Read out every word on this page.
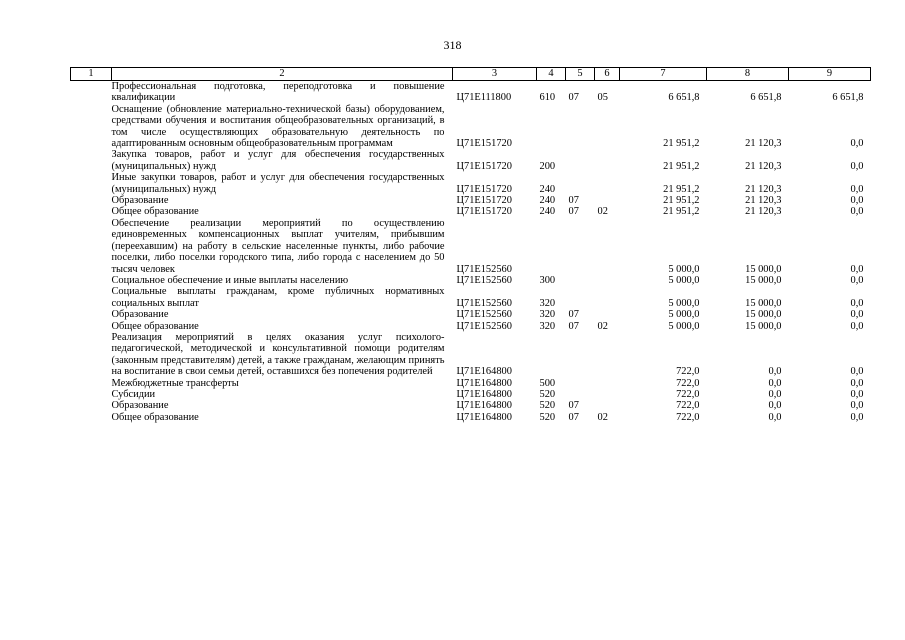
318
1	2	3	4	5	6	7	8	9
	Профессиональная подготовка, переподготовка и повышение квалификации	Ц71Е111800	610	07	05	6 651,8	6 651,8	6 651,8
	Оснащение (обновление материально-технической базы) оборудованием, средствами обучения и воспитания общеобразовательных организаций, в том числе осуществляющих образовательную деятельность по адаптированным основным общеобразовательным программам	Ц71Е151720				21 951,2	21 120,3	0,0
	Закупка товаров, работ и услуг для обеспечения государственных (муниципальных) нужд	Ц71Е151720	200			21 951,2	21 120,3	0,0
	Иные закупки товаров, работ и услуг для обеспечения государственных (муниципальных) нужд	Ц71Е151720	240			21 951,2	21 120,3	0,0
	Образование	Ц71Е151720	240	07		21 951,2	21 120,3	0,0
	Общее образование	Ц71Е151720	240	07	02	21 951,2	21 120,3	0,0
	Обеспечение реализации мероприятий по осуществлению единовременных компенсационных выплат учителям, прибывшим (переехавшим) на работу в сельские населенные пункты, либо рабочие поселки, либо поселки городского типа, либо города с населением до 50 тысяч человек	Ц71Е152560				5 000,0	15 000,0	0,0
	Социальное обеспечение и иные выплаты населению	Ц71Е152560	300			5 000,0	15 000,0	0,0
	Социальные выплаты гражданам, кроме публичных нормативных социальных выплат	Ц71Е152560	320			5 000,0	15 000,0	0,0
	Образование	Ц71Е152560	320	07		5 000,0	15 000,0	0,0
	Общее образование	Ц71Е152560	320	07	02	5 000,0	15 000,0	0,0
	Реализация мероприятий в целях оказания услуг психолого-педагогической, методической и консультативной помощи родителям (законным представителям) детей, а также гражданам, желающим принять на воспитание в свои семьи детей, оставшихся без попечения родителей	Ц71Е164800				722,0	0,0	0,0
	Межбюджетные трансферты	Ц71Е164800	500			722,0	0,0	0,0
	Субсидии	Ц71Е164800	520			722,0	0,0	0,0
	Образование	Ц71Е164800	520	07		722,0	0,0	0,0
	Общее образование	Ц71Е164800	520	07	02	722,0	0,0	0,0
